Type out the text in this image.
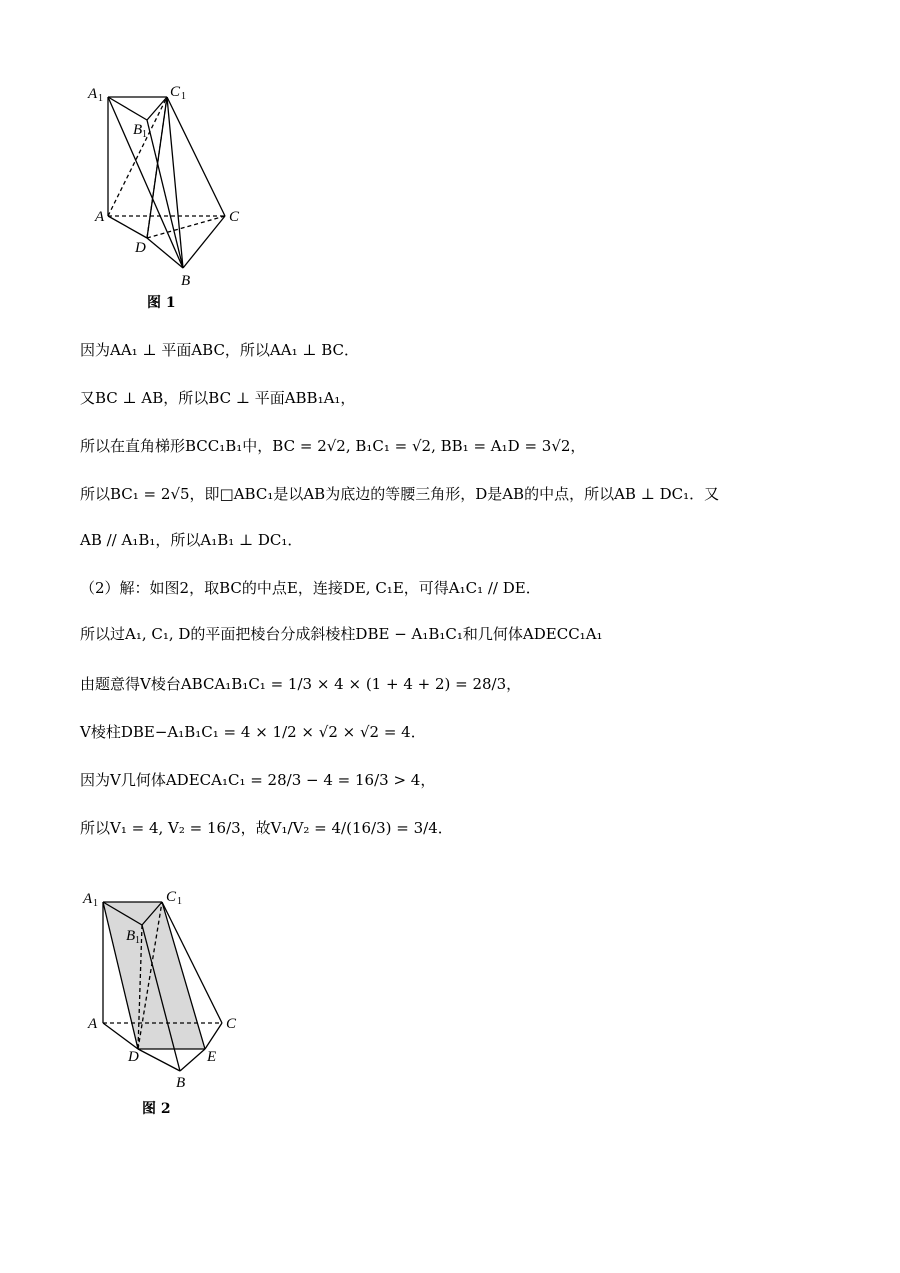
A 1	C 1
B 1
A	C
D
B
图 1
因为AA₁ ⊥ 平面ABC，所以AA₁ ⊥ BC．
又BC ⊥ AB，所以BC ⊥ 平面ABB₁A₁，
所以在直角梯形BCC₁B₁中，BC = 2√2, B₁C₁ = √2, BB₁ = A₁D = 3√2，
所以BC₁ = 2√5，即□ABC₁是以AB为底边的等腰三角形，D是AB的中点，所以AB ⊥ DC₁．又
AB // A₁B₁，所以A₁B₁ ⊥ DC₁．
（2）解：如图2，取BC的中点E，连接DE, C₁E，可得A₁C₁ // DE．
所以过A₁, C₁, D的平面把棱台分成斜棱柱DBE − A₁B₁C₁和几何体ADECC₁A₁
由题意得V棱台ABCA₁B₁C₁ = 1/3 × 4 × (1 + 4 + 2) = 28/3，
V棱柱DBE−A₁B₁C₁ = 4 × 1/2 × √2 × √2 = 4．
因为V几何体ADECA₁C₁ = 28/3 − 4 = 16/3 > 4，
所以V₁ = 4, V₂ = 16/3，故V₁/V₂ = 4/(16/3) = 3/4．
A 1	C 1
B 1
A	C
D	E
B
图 2
